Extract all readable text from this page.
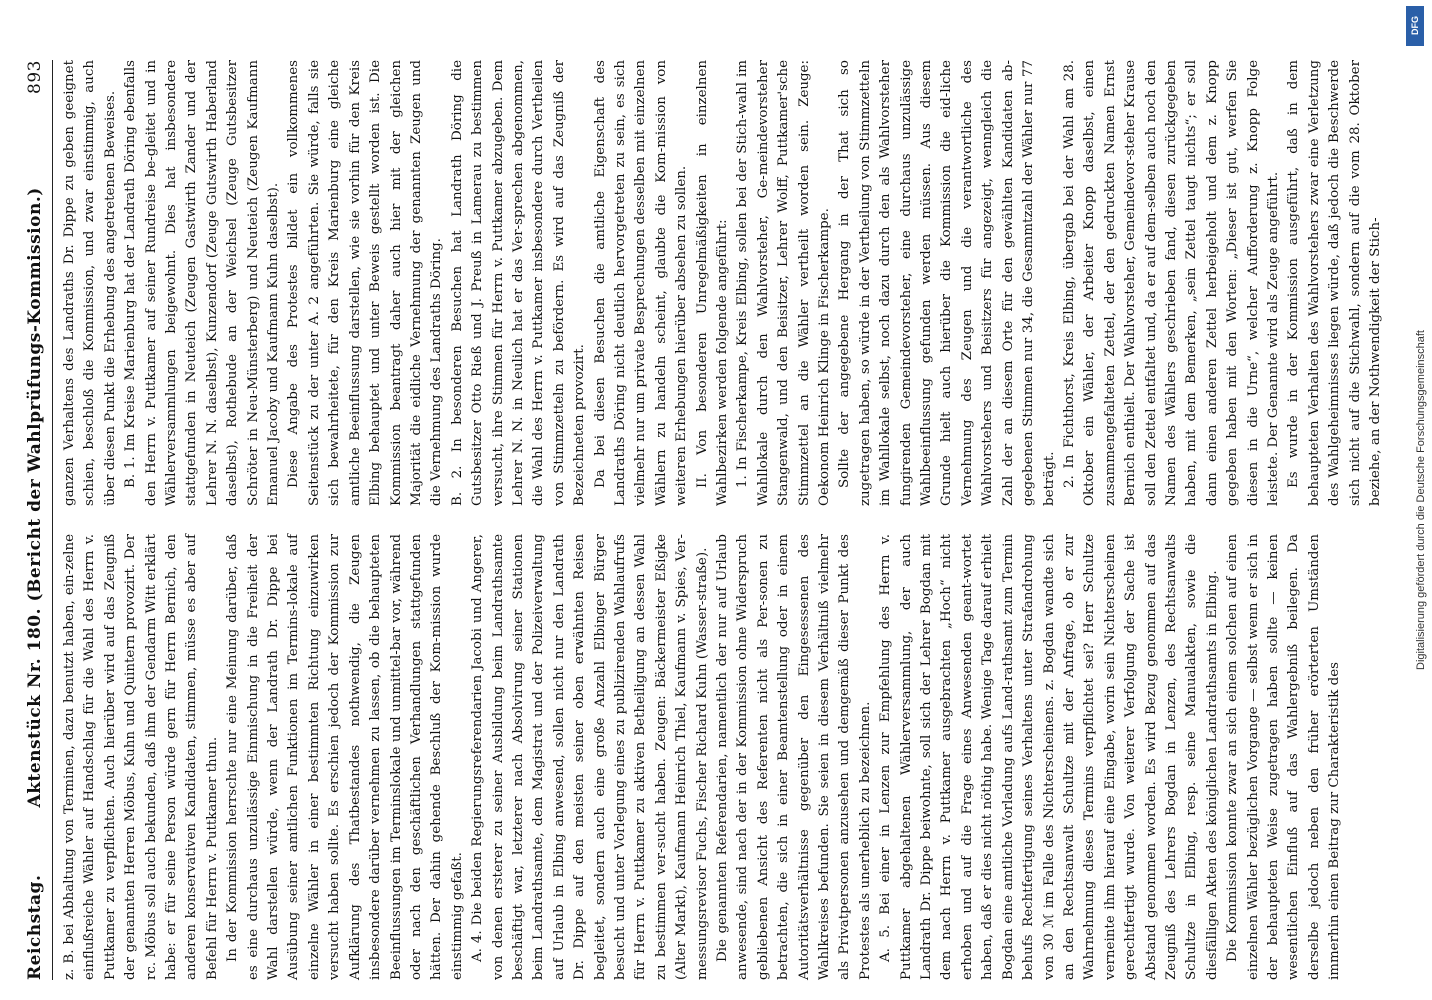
Reichstag.
Aktenstück Nr. 180. (Bericht der Wahlprüfungs-Kommission.)
893

z. B. bei Abhaltung von Terminen, dazu benutzt haben, ein-zelne einflußreiche Wähler auf Handschlag für die Wahl des Herrn v. Puttkamer zu verpflichten. Auch hierüber wird auf das Zeugniß der genannten Herren Möbus, Kuhn und Quintern provozirt. Der rc. Möbus soll auch bekunden, daß ihm der Gendarm Witt erklärt habe: er für seine Person würde gern für Herrn Bernich, den anderen konservativen Kandidaten, stimmen, müsse es aber auf Befehl für Herrn v. Puttkamer thun. In der Kommission herrschte nur eine Meinung darüber, daß es eine durchaus unzulässige Einmischung in die Freiheit der Wahl darstellen würde, wenn der Landrath Dr. Dippe bei Ausübung seiner amtlichen Funktionen im Termins-lokale auf einzelne Wähler in einer bestimmten Richtung einzuwirken versucht haben sollte. Es erschien jedoch der Kommission zur Aufklärung des Thatbestandes nothwendig, die Zeugen insbesondere darüber vernehmen zu lassen, ob die behaupteten Beeinflussungen im Terminslokale und unmittel-bar vor, während oder nach den geschäftlichen Verhandlungen stattgefunden hätten. Der dahin gehende Beschluß der Kom-mission wurde einstimmig gefaßt. A. 4. Die beiden Regierungsreferendarien Jacobi und Angerer, von denen ersterer zu seiner Ausbildung beim Landrathsamte beschäftigt war, letzterer nach Absolvirung seiner Stationen beim Landrathsamte, dem Magistrat und der Polizeiverwaltung auf Urlaub in Elbing anwesend, sollen nicht nur den Landrath Dr. Dippe auf den meisten seiner oben erwähnten Reisen begleitet, sondern auch eine große Anzahl Elbinger Bürger besucht und unter Vorlegung eines zu publizirenden Wahlaufrufs für Herrn v. Puttkamer zu aktiven Betheiligung an dessen Wahl zu bestimmen ver-sucht haben. Zeugen: Bäckermeister Eßigke (Alter Markt), Kaufmann Heinrich Thiel, Kaufmann v. Spies, Ver-messungsrevisor Fuchs, Fischer Richard Kuhn (Wasser-straße). Die genannten Referendarien, namentlich der nur auf Urlaub anwesende, sind nach der in der Kommission ohne Widerspruch gebliebenen Ansicht des Referenten nicht als Per-sonen zu betrachten, die sich in einer Beamtenstellung oder in einem Autoritätsverhältnisse gegenüber den Eingesessenen des Wahlkreises befunden. Sie seien in diesem Verhältniß vielmehr als Privatpersonen anzusehen und demgemäß dieser Punkt des Protestes als unerheblich zu bezeichnen. A. 5. Bei einer in Lenzen zur Empfehlung des Herrn v. Puttkamer abgehaltenen Wählerversammlung, der auch Landrath Dr. Dippe beiwohnte, soll sich der Lehrer Bogdan mit dem nach Herrn v. Puttkamer ausgebrachten „Hoch“ nicht erhoben und auf die Frage eines Anwesenden geant-wortet haben, daß er dies nicht nöthig habe. Wenige Tage darauf erhielt Bogdan eine amtliche Vorladung aufs Land-rathsamt zum Termin behufs Rechtfertigung seines Verhaltens unter Strafandrohung von 30 ℳ im Falle des Nichterscheinens. z. Bogdan wandte sich an den Rechtsanwalt Schultze mit der Anfrage, ob er zur Wahrnehmung dieses Termins verpflichtet sei? Herr Schultze verneinte ihm hierauf eine Eingabe, worin sein Nichterscheinen gerechtfertigt wurde. Von weiterer Verfolgung der Sache ist Abstand genommen worden. Es wird Bezug genommen auf das Zeugniß des Lehrers Bogdan in Lenzen, des Rechtsanwalts Schultze in Elbing, resp. seine Manualakten, sowie die diesfälligen Akten des königlichen Landrathsamts in Elbing. Die Kommission konnte zwar an sich einem solchen auf einen einzelnen Wähler bezüglichen Vorgange — selbst wenn er sich in der behaupteten Weise zugetragen haben sollte — keinen wesentlichen Einfluß auf das Wahlergebniß beilegen. Da derselbe jedoch neben den früher erörterten Umständen immerhin einen Beitrag zur Charakteristik des

ganzen Verhaltens des Landraths Dr. Dippe zu geben geeignet schien, beschloß die Kommission, und zwar einstimmig, auch über diesen Punkt die Erhebung des angetretenen Beweises. B. 1. Im Kreise Marienburg hat der Landrath Döring ebenfalls den Herrn v. Puttkamer auf seiner Rundreise be-gleitet und in Wählerversammlungen beigewohnt. Dies hat insbesondere stattgefunden in Neuteich (Zeugen Gastwirth Zander und der Lehrer N. N. daselbst), Kunzendorf (Zeuge Gutswirth Haberland daselbst), Rothebude an der Weichsel (Zeuge Gutsbesitzer Schröter in Neu-Münsterberg) und Neuteich (Zeugen Kaufmann Emanuel Jacoby und Kaufmann Kuhn daselbst). Diese Angabe des Protestes bildet ein vollkommenes Seitenstück zu der unter A. 2 angeführten. Sie würde, falls sie sich bewahrheitete, für den Kreis Marienburg eine gleiche amtliche Beeinflussung darstellen, wie sie vorhin für den Kreis Elbing behauptet und unter Beweis gestellt worden ist. Die Kommission beantragt daher auch hier mit der gleichen Majorität die eidliche Vernehmung der genannten Zeugen und die Vernehmung des Landraths Döring. B. 2. In besonderen Besuchen hat Landrath Döring die Gutsbesitzer Otto Rieß und J. Preuß in Lamerau zu bestimmen versucht, ihre Stimmen für Herrn v. Puttkamer abzugeben. Dem Lehrer N. N. in Neulich hat er das Ver-sprechen abgenommen, die Wahl des Herrn v. Puttkamer insbesondere durch Vertheilen von Stimmzetteln zu befördern. Es wird auf das Zeugniß der Bezeichneten provozirt. Da bei diesen Besuchen die amtliche Eigenschaft des Landraths Döring nicht deutlich hervorgetreten zu sein, es sich vielmehr nur um private Besprechungen desselben mit einzelnen Wählern zu handeln scheint, glaubte die Kom-mission von weiteren Erhebungen hierüber absehen zu sollen. II. Von besonderen Unregelmäßigkeiten in einzelnen Wahlbezirken werden folgende angeführt: 1. In Fischerkampe, Kreis Elbing, sollen bei der Stich-wahl im Wahllokale durch den Wahlvorsteher, Ge-meindevorsteher Stangenwald, und den Beisitzer, Lehrer Wolff, Puttkamer'sche Stimmzettel an die Wähler vertheilt worden sein. Zeuge: Oekonom Heinrich Klinge in Fischerkampe. Sollte der angegebene Hergang in der That sich so zugetragen haben, so würde in der Vertheilung von Stimmzetteln im Wahllokale selbst, noch dazu durch den als Wahlvorsteher fungirenden Gemeindevorsteher, eine durchaus unzulässige Wahlbeeinflussung gefunden werden müssen. Aus diesem Grunde hielt auch hierüber die Kommission die eid-liche Vernehmung des Zeugen und die verantwortliche des Wahlvorstehers und Beisitzers für angezeigt, wenngleich die Zahl der an diesem Orte für den gewählten Kandidaten ab-gegebenen Stimmen nur 34, die Gesammtzahl der Wähler nur 77 beträgt. 2. In Fichthorst, Kreis Elbing, übergab bei der Wahl am 28. Oktober ein Wähler, der Arbeiter Knopp daselbst, einen zusammengefalteten Zettel, der den gedruckten Namen Ernst Bernich enthielt. Der Wahlvorsteher, Gemeindevor-steher Krause soll den Zettel entfaltet und, da er auf dem-selben auch noch den Namen des Wählers geschrieben fand, diesen zurückgegeben haben, mit dem Bemerken, „sein Zettel taugt nichts“; er soll dann einen anderen Zettel herbeigeholt und dem z. Knopp gegeben haben mit den Worten: „Dieser ist gut, werfen Sie diesen in die Urne“, welcher Aufforderung z. Knopp Folge leistete. Der Genannte wird als Zeuge angeführt. Es wurde in der Kommission ausgeführt, daß in dem behaupteten Verhalten des Wahlvorstehers zwar eine Verletzung des Wahlgeheimnisses liegen würde, daß jedoch die Beschwerde sich nicht auf die Stichwahl, sondern auf die vom 28. Oktober beziehe, an der Nothwendigkeit der Stich-	Digitalisierung gefördert durch die Deutsche Forschungsgemeinschaft
DFG
